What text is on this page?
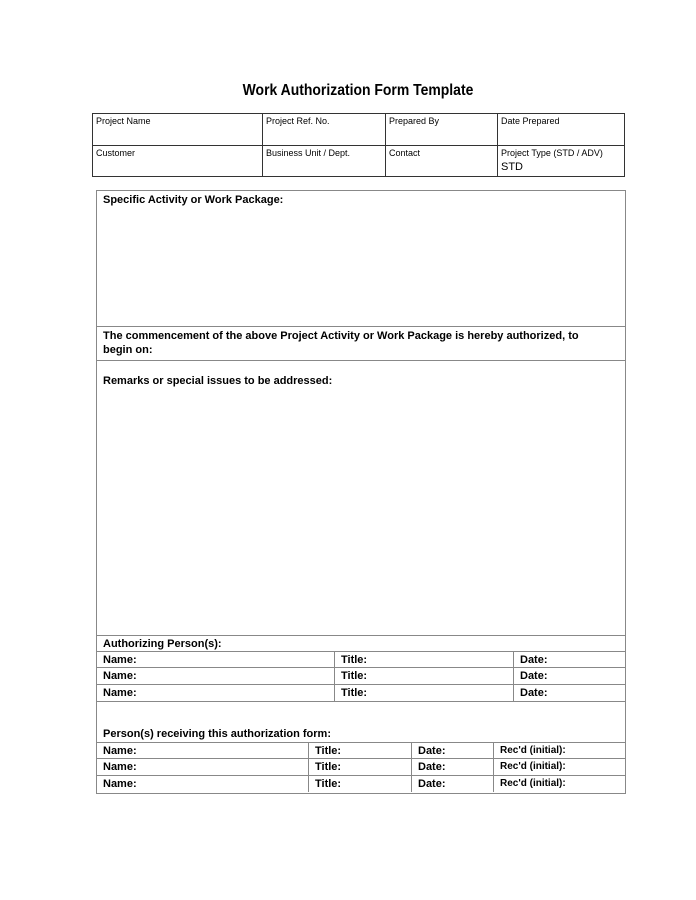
Work Authorization Form Template
Project Name	Project Ref. No.	Prepared By	Date Prepared
Customer	Business Unit / Dept.	Contact	Project Type (STD / ADV)
STD
Specific Activity or Work Package:
The commencement of the above Project Activity or Work Package is hereby authorized, to begin on:
Remarks or special issues to be addressed:
Authorizing Person(s):
Name:	Title:	Date:
Name:	Title:	Date:
Name:	Title:	Date:
Person(s) receiving this authorization form:
Name:	Title:	Date:	Rec'd (initial):
Name:	Title:	Date:	Rec'd (initial):
Name:	Title:	Date:	Rec'd (initial):
